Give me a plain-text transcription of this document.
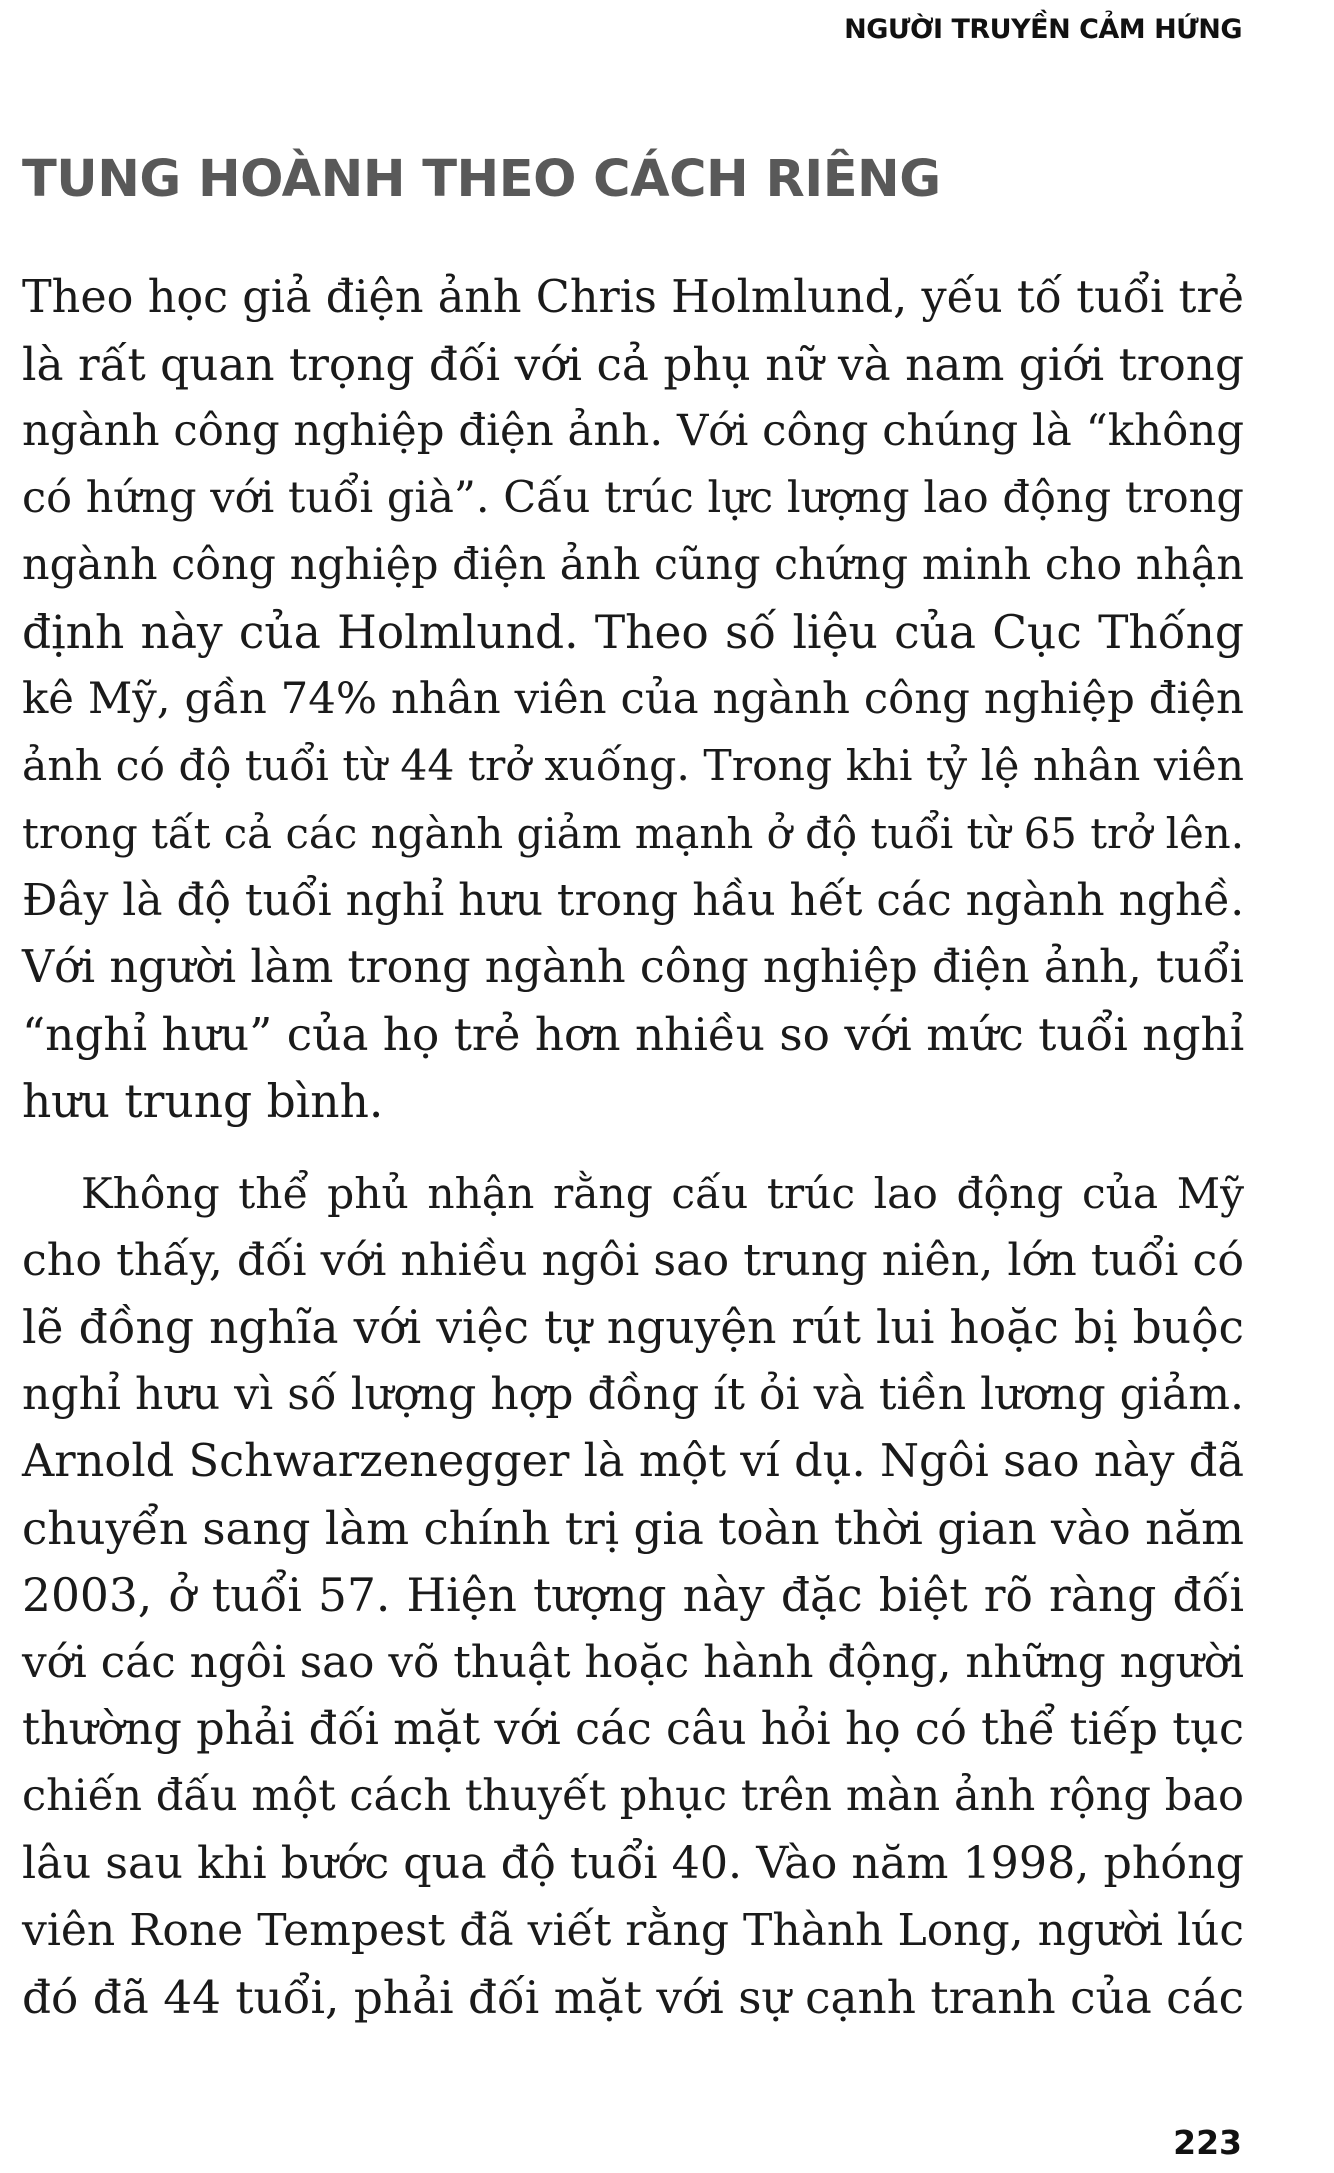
NGƯỜI TRUYỀN CẢM HỨNG
TUNG HOÀNH THEO CÁCH RIÊNG

Theo học giả điện ảnh Chris Holmlund, yếu tố tuổi trẻ
là rất quan trọng đối với cả phụ nữ và nam giới trong
ngành công nghiệp điện ảnh. Với công chúng là “không
có hứng với tuổi già”. Cấu trúc lực lượng lao động trong
ngành công nghiệp điện ảnh cũng chứng minh cho nhận
định này của Holmlund. Theo số liệu của Cục Thống
kê Mỹ, gần 74% nhân viên của ngành công nghiệp điện
ảnh có độ tuổi từ 44 trở xuống. Trong khi tỷ lệ nhân viên
trong tất cả các ngành giảm mạnh ở độ tuổi từ 65 trở lên.
Đây là độ tuổi nghỉ hưu trong hầu hết các ngành nghề.
Với người làm trong ngành công nghiệp điện ảnh, tuổi
“nghỉ hưu” của họ trẻ hơn nhiều so với mức tuổi nghỉ
hưu trung bình.

Không thể phủ nhận rằng cấu trúc lao động của Mỹ
cho thấy, đối với nhiều ngôi sao trung niên, lớn tuổi có
lẽ đồng nghĩa với việc tự nguyện rút lui hoặc bị buộc
nghỉ hưu vì số lượng hợp đồng ít ỏi và tiền lương giảm.
Arnold Schwarzenegger là một ví dụ. Ngôi sao này đã
chuyển sang làm chính trị gia toàn thời gian vào năm
2003, ở tuổi 57. Hiện tượng này đặc biệt rõ ràng đối
với các ngôi sao võ thuật hoặc hành động, những người
thường phải đối mặt với các câu hỏi họ có thể tiếp tục
chiến đấu một cách thuyết phục trên màn ảnh rộng bao
lâu sau khi bước qua độ tuổi 40. Vào năm 1998, phóng
viên Rone Tempest đã viết rằng Thành Long, người lúc
đó đã 44 tuổi, phải đối mặt với sự cạnh tranh của các

223
